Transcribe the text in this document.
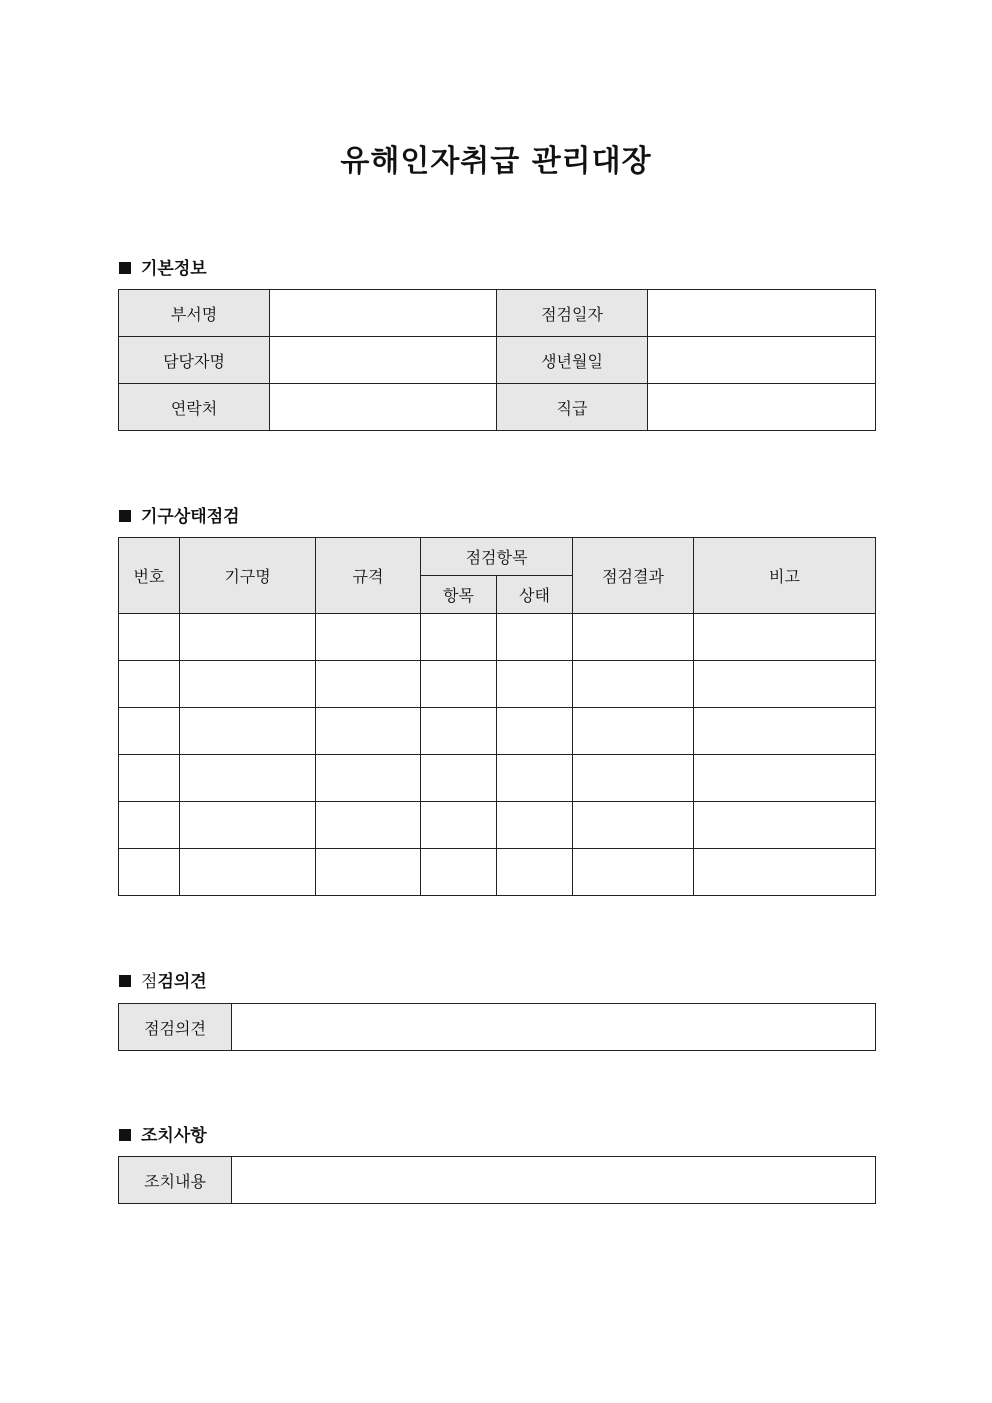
유해인자취급 관리대장
기본정보
부서명		점검일자	
담당자명		생년월일	
연락처		직급	
기구상태점검
번호	기구명	규격	점검항목		점검결과	비고
			항목	상태		

점검의견
점검의견	
조치사항
조치내용	
